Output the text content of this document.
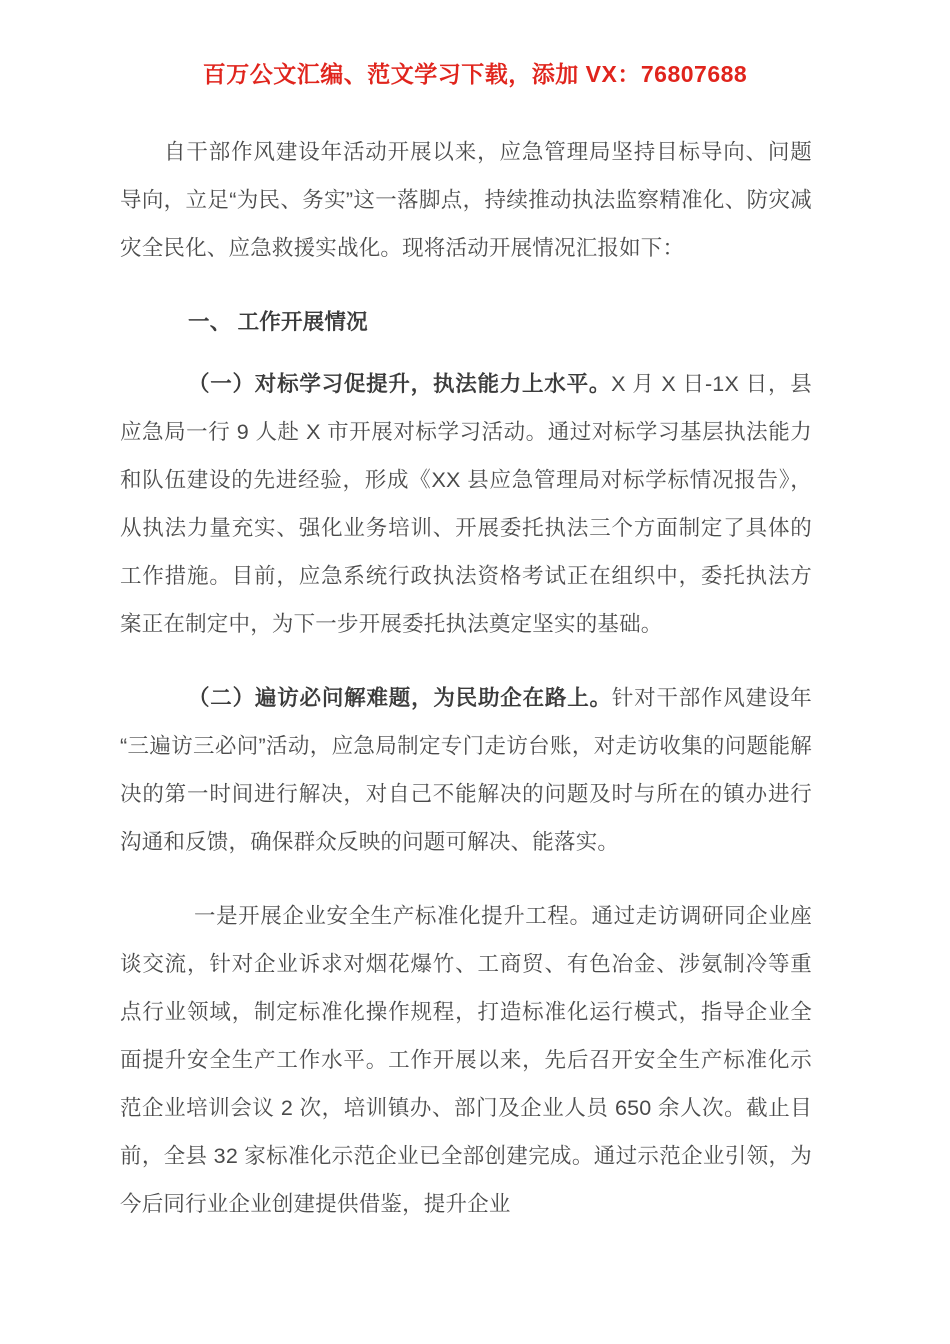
百万公文汇编、范文学习下载，添加 VX：76807688

自干部作风建设年活动开展以来，应急管理局坚持目标导向、问题导向，立足“为民、务实”这一落脚点，持续推动执法监察精准化、防灾减灾全民化、应急救援实战化。现将活动开展情况汇报如下：

一、 工作开展情况

（一）对标学习促提升，执法能力上水平。X 月 X 日-1X 日，县应急局一行 9 人赴 X 市开展对标学习活动。通过对标学习基层执法能力和队伍建设的先进经验，形成《XX 县应急管理局对标学标情况报告》，从执法力量充实、强化业务培训、开展委托执法三个方面制定了具体的工作措施。目前，应急系统行政执法资格考试正在组织中，委托执法方案正在制定中，为下一步开展委托执法奠定坚实的基础。

（二）遍访必问解难题，为民助企在路上。针对干部作风建设年“三遍访三必问”活动，应急局制定专门走访台账，对走访收集的问题能解决的第一时间进行解决，对自己不能解决的问题及时与所在的镇办进行沟通和反馈，确保群众反映的问题可解决、能落实。

一是开展企业安全生产标准化提升工程。通过走访调研同企业座谈交流，针对企业诉求对烟花爆竹、工商贸、有色冶金、涉氨制冷等重点行业领域，制定标准化操作规程，打造标准化运行模式，指导企业全面提升安全生产工作水平。工作开展以来，先后召开安全生产标准化示范企业培训会议 2 次，培训镇办、部门及企业人员 650 余人次。截止目前，全县 32 家标准化示范企业已全部创建完成。通过示范企业引领，为今后同行业企业创建提供借鉴，提升企业
